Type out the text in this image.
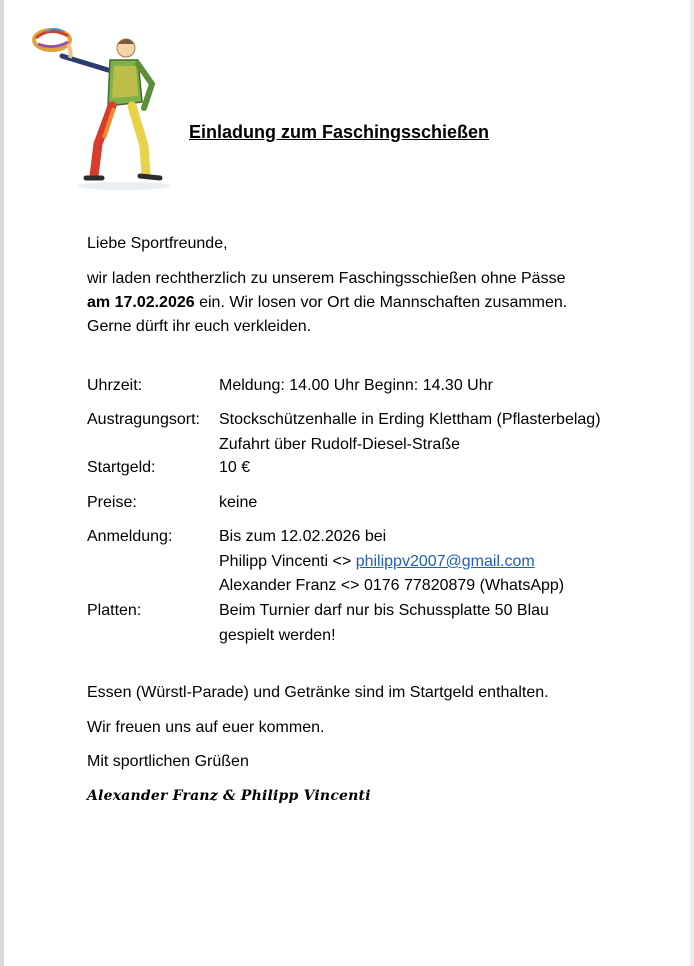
Einladung zum Faschingsschießen
Liebe Sportfreunde,
wir laden rechtherzlich zu unserem Faschingsschießen ohne Pässe
am 17.02.2026 ein. Wir losen vor Ort die Mannschaften zusammen.
Gerne dürft ihr euch verkleiden.
Uhrzeit:	Meldung: 14.00 Uhr Beginn: 14.30 Uhr
Austragungsort: Stockschützenhalle in Erding Klettham (Pflasterbelag)
Zufahrt über Rudolf-Diesel-Straße
Startgeld:	10 €
Preise:	keine
Anmeldung:	Bis zum 12.02.2026 bei
Philipp Vincenti <> philippv2007@gmail.com
Alexander Franz <> 0176 77820879 (WhatsApp)
Platten:	Beim Turnier darf nur bis Schussplatte 50 Blau
gespielt werden!
Essen (Würstl-Parade) und Getränke sind im Startgeld enthalten.
Wir freuen uns auf euer kommen.
Mit sportlichen Grüßen
Alexander Franz & Philipp Vincenti
